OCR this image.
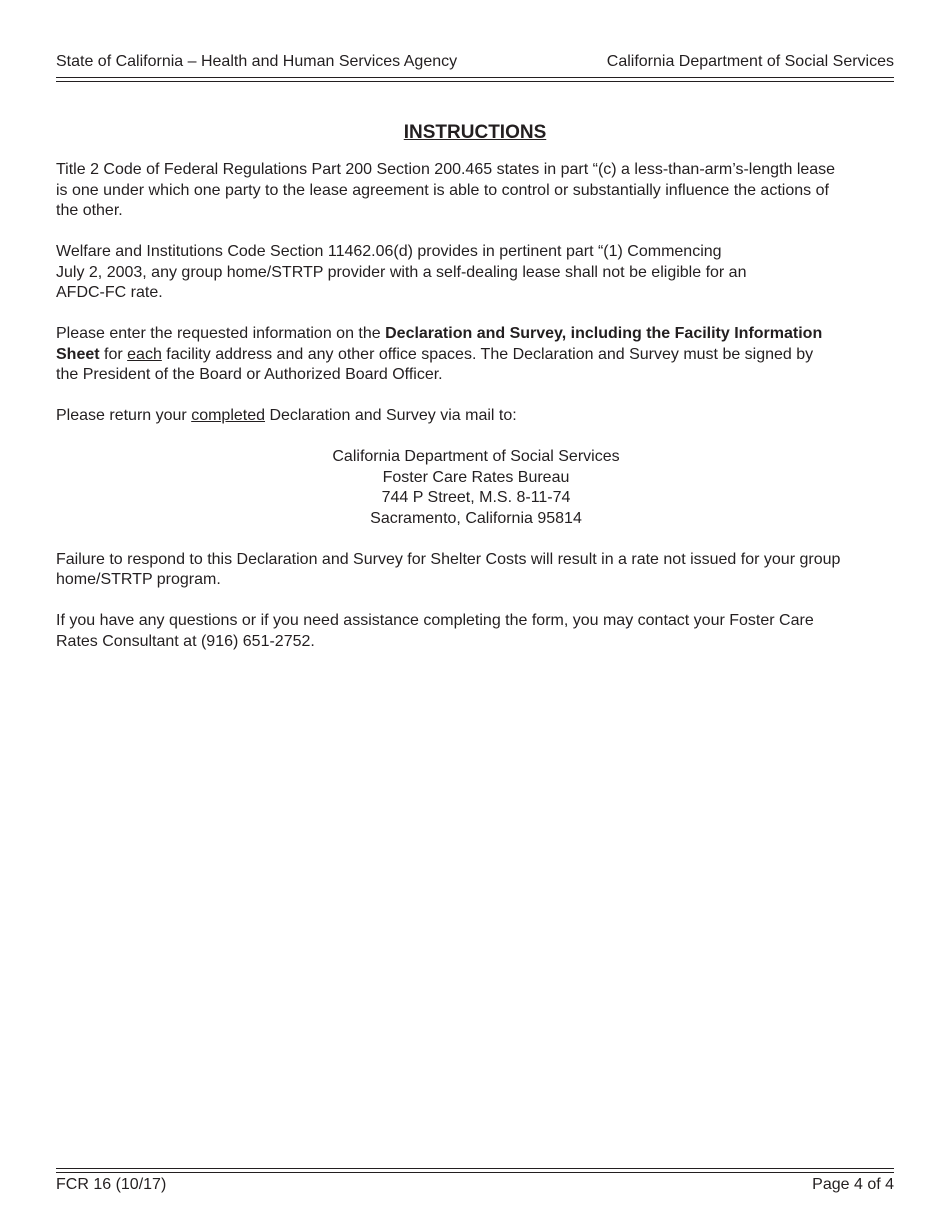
State of California – Health and Human Services Agency	California Department of Social Services
INSTRUCTIONS
Title 2 Code of Federal Regulations Part 200 Section 200.465 states in part “(c) a less-than-arm’s-length lease
is one under which one party to the lease agreement is able to control or substantially influence the actions of
the other.
Welfare and Institutions Code Section 11462.06(d) provides in pertinent part “(1) Commencing
July 2, 2003, any group home/STRTP provider with a self-dealing lease shall not be eligible for an
AFDC-FC rate.
Please enter the requested information on the Declaration and Survey, including the Facility Information
Sheet for each facility address and any other office spaces. The Declaration and Survey must be signed by
the President of the Board or Authorized Board Officer.
Please return your completed Declaration and Survey via mail to:
California Department of Social Services
Foster Care Rates Bureau
744 P Street, M.S. 8-11-74
Sacramento, California 95814
Failure to respond to this Declaration and Survey for Shelter Costs will result in a rate not issued for your group
home/STRTP program.
If you have any questions or if you need assistance completing the form, you may contact your Foster Care
Rates Consultant at (916) 651-2752.
FCR 16 (10/17)	Page 4 of 4
